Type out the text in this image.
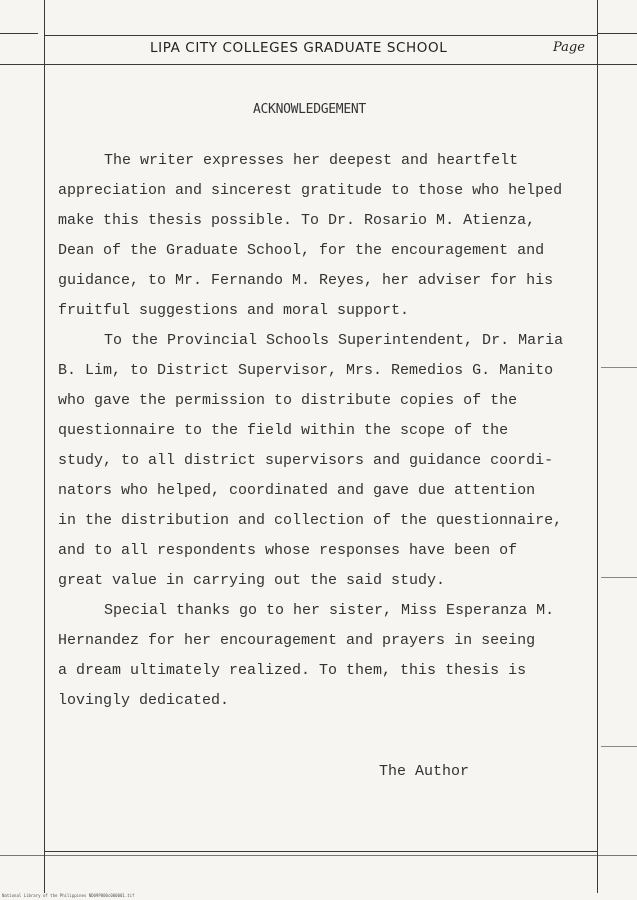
LIPA CITY COLLEGES GRADUATE SCHOOL	Page
ACKNOWLEDGEMENT
The writer expresses her deepest and heartfelt
appreciation and sincerest gratitude to those who helped
make this thesis possible. To Dr. Rosario M. Atienza,
Dean of the Graduate School, for the encouragement and
guidance, to Mr. Fernando M. Reyes, her adviser for his
fruitful suggestions and moral support.
To the Provincial Schools Superintendent, Dr. Maria
B. Lim, to District Supervisor, Mrs. Remedios G. Manito
who gave the permission to distribute copies of the
questionnaire to the field within the scope of the
study, to all district supervisors and guidance coordi-
nators who helped, coordinated and gave due attention
in the distribution and collection of the questionnaire,
and to all respondents whose responses have been of
great value in carrying out the said study.
Special thanks go to her sister, Miss Esperanza M.
Hernandez for her encouragement and prayers in seeing
a dream ultimately realized. To them, this thesis is
lovingly dedicated.
The Author
National Library of the Philippines ND09P000c000001.tif
